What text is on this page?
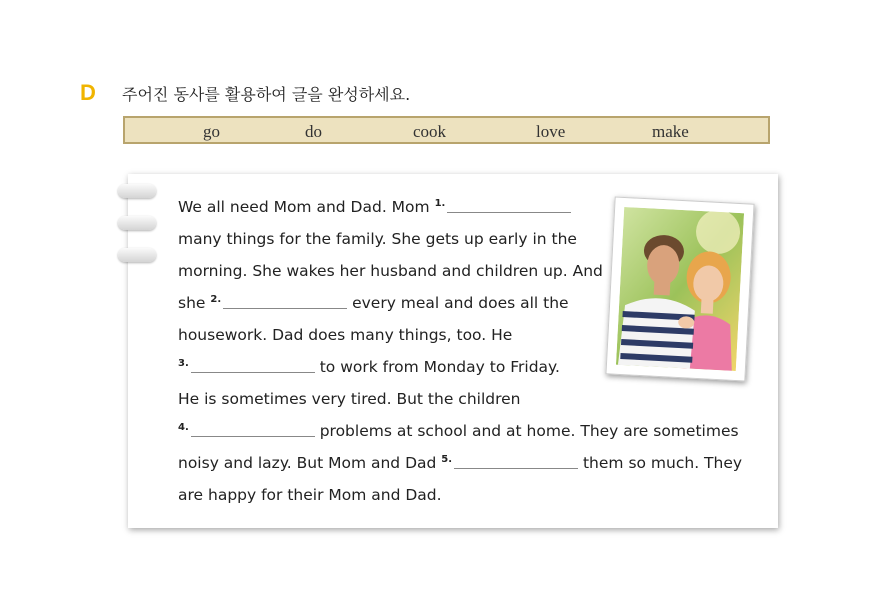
D 주어진 동사를 활용하여 글을 완성하세요.
go	do	cook	love	make
We all need Mom and Dad. Mom $^{1.}$
many things for the family. She gets up early in the
morning. She wakes her husband and children up. And
she $^{2.}$	every meal and does all the
housework. Dad does many things, too. He
$^{3.}$	to work from Monday to Friday.
He is sometimes very tired. But the children
$^{4.}$	problems at school and at home. They are sometimes
noisy and lazy. But Mom and Dad $^{5.}$	them so much. They
are happy for their Mom and Dad.
